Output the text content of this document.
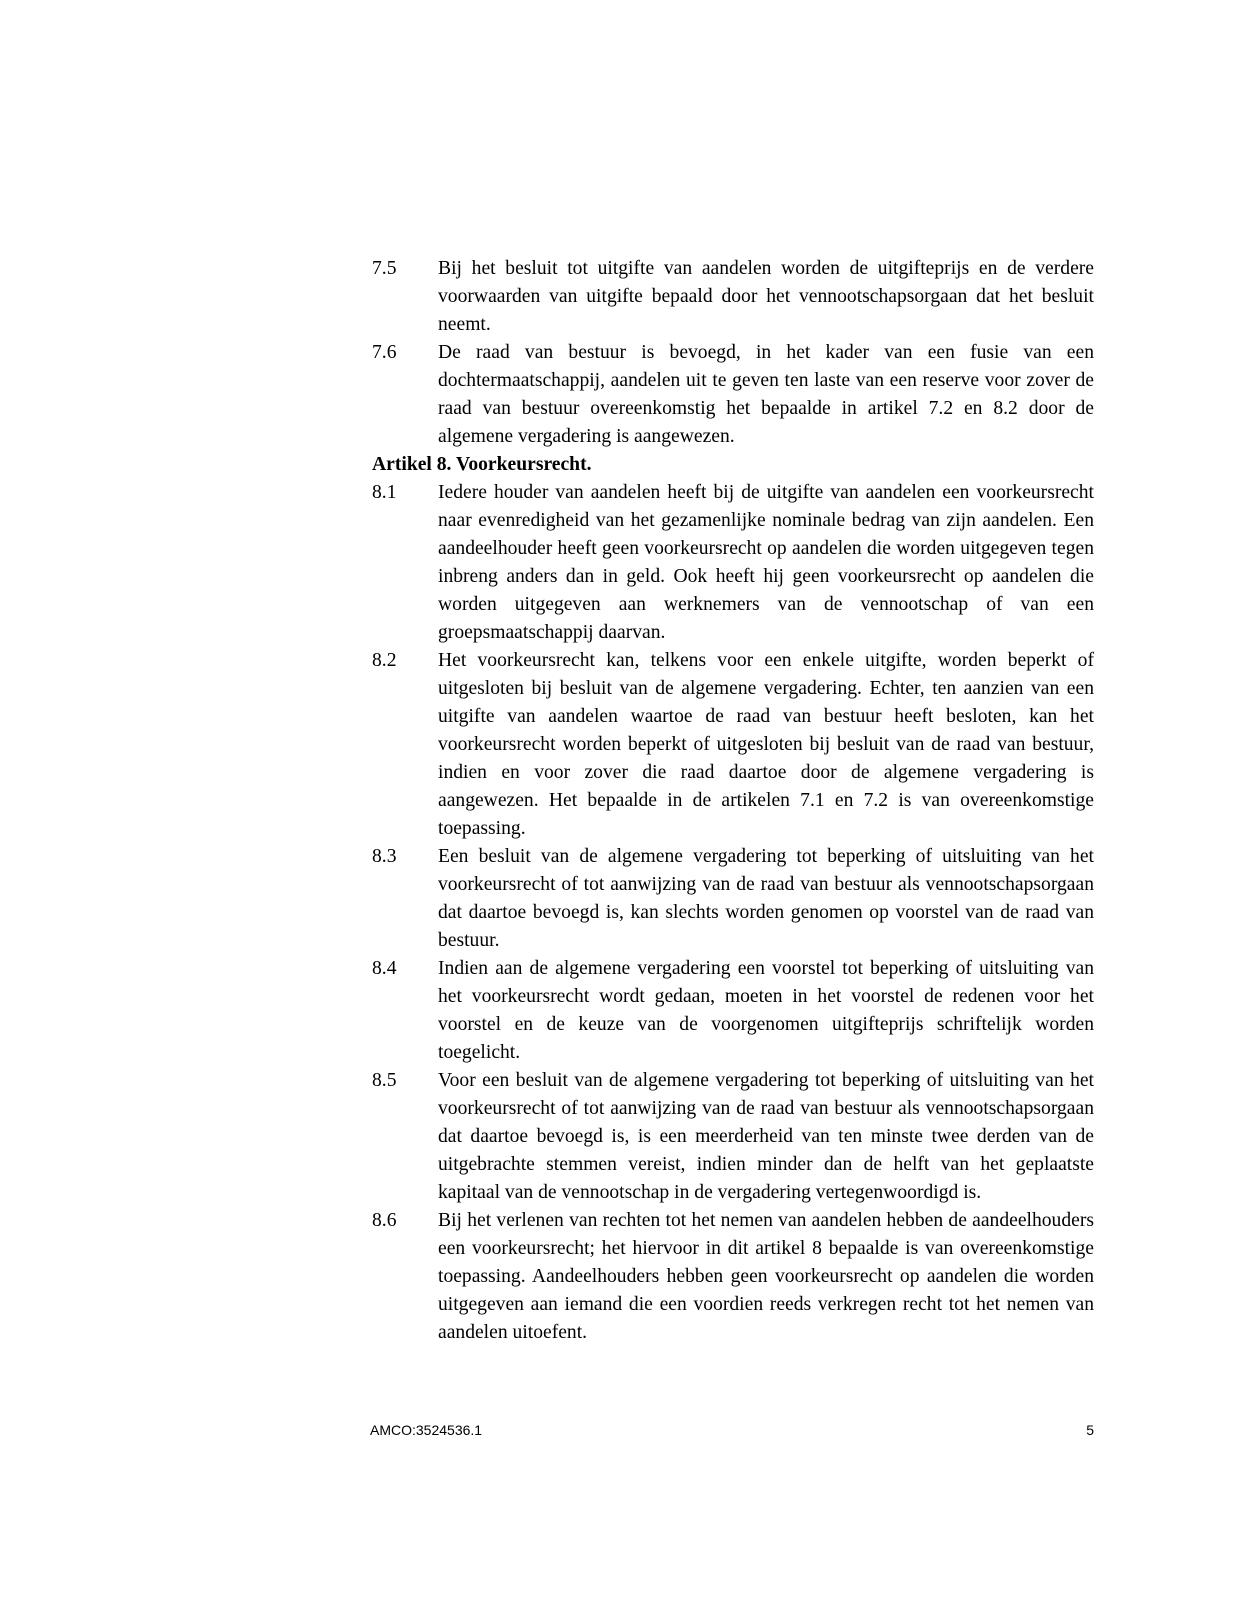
7.5	Bij het besluit tot uitgifte van aandelen worden de uitgifteprijs en de verdere voorwaarden van uitgifte bepaald door het vennootschapsorgaan dat het besluit neemt.
7.6	De raad van bestuur is bevoegd, in het kader van een fusie van een dochtermaatschappij, aandelen uit te geven ten laste van een reserve voor zover de raad van bestuur overeenkomstig het bepaalde in artikel 7.2 en 8.2 door de algemene vergadering is aangewezen.
Artikel 8. Voorkeursrecht.
8.1	Iedere houder van aandelen heeft bij de uitgifte van aandelen een voorkeursrecht naar evenredigheid van het gezamenlijke nominale bedrag van zijn aandelen. Een aandeelhouder heeft geen voorkeursrecht op aandelen die worden uitgegeven tegen inbreng anders dan in geld. Ook heeft hij geen voorkeursrecht op aandelen die worden uitgegeven aan werknemers van de vennootschap of van een groepsmaatschappij daarvan.
8.2	Het voorkeursrecht kan, telkens voor een enkele uitgifte, worden beperkt of uitgesloten bij besluit van de algemene vergadering. Echter, ten aanzien van een uitgifte van aandelen waartoe de raad van bestuur heeft besloten, kan het voorkeursrecht worden beperkt of uitgesloten bij besluit van de raad van bestuur, indien en voor zover die raad daartoe door de algemene vergadering is aangewezen. Het bepaalde in de artikelen 7.1 en 7.2 is van overeenkomstige toepassing.
8.3	Een besluit van de algemene vergadering tot beperking of uitsluiting van het voorkeursrecht of tot aanwijzing van de raad van bestuur als vennootschapsorgaan dat daartoe bevoegd is, kan slechts worden genomen op voorstel van de raad van bestuur.
8.4	Indien aan de algemene vergadering een voorstel tot beperking of uitsluiting van het voorkeursrecht wordt gedaan, moeten in het voorstel de redenen voor het voorstel en de keuze van de voorgenomen uitgifteprijs schriftelijk worden toegelicht.
8.5	Voor een besluit van de algemene vergadering tot beperking of uitsluiting van het voorkeursrecht of tot aanwijzing van de raad van bestuur als vennootschapsorgaan dat daartoe bevoegd is, is een meerderheid van ten minste twee derden van de uitgebrachte stemmen vereist, indien minder dan de helft van het geplaatste kapitaal van de vennootschap in de vergadering vertegenwoordigd is.
8.6	Bij het verlenen van rechten tot het nemen van aandelen hebben de aandeelhouders een voorkeursrecht; het hiervoor in dit artikel 8 bepaalde is van overeenkomstige toepassing. Aandeelhouders hebben geen voorkeursrecht op aandelen die worden uitgegeven aan iemand die een voordien reeds verkregen recht tot het nemen van aandelen uitoefent.
AMCO:3524536.1	5
